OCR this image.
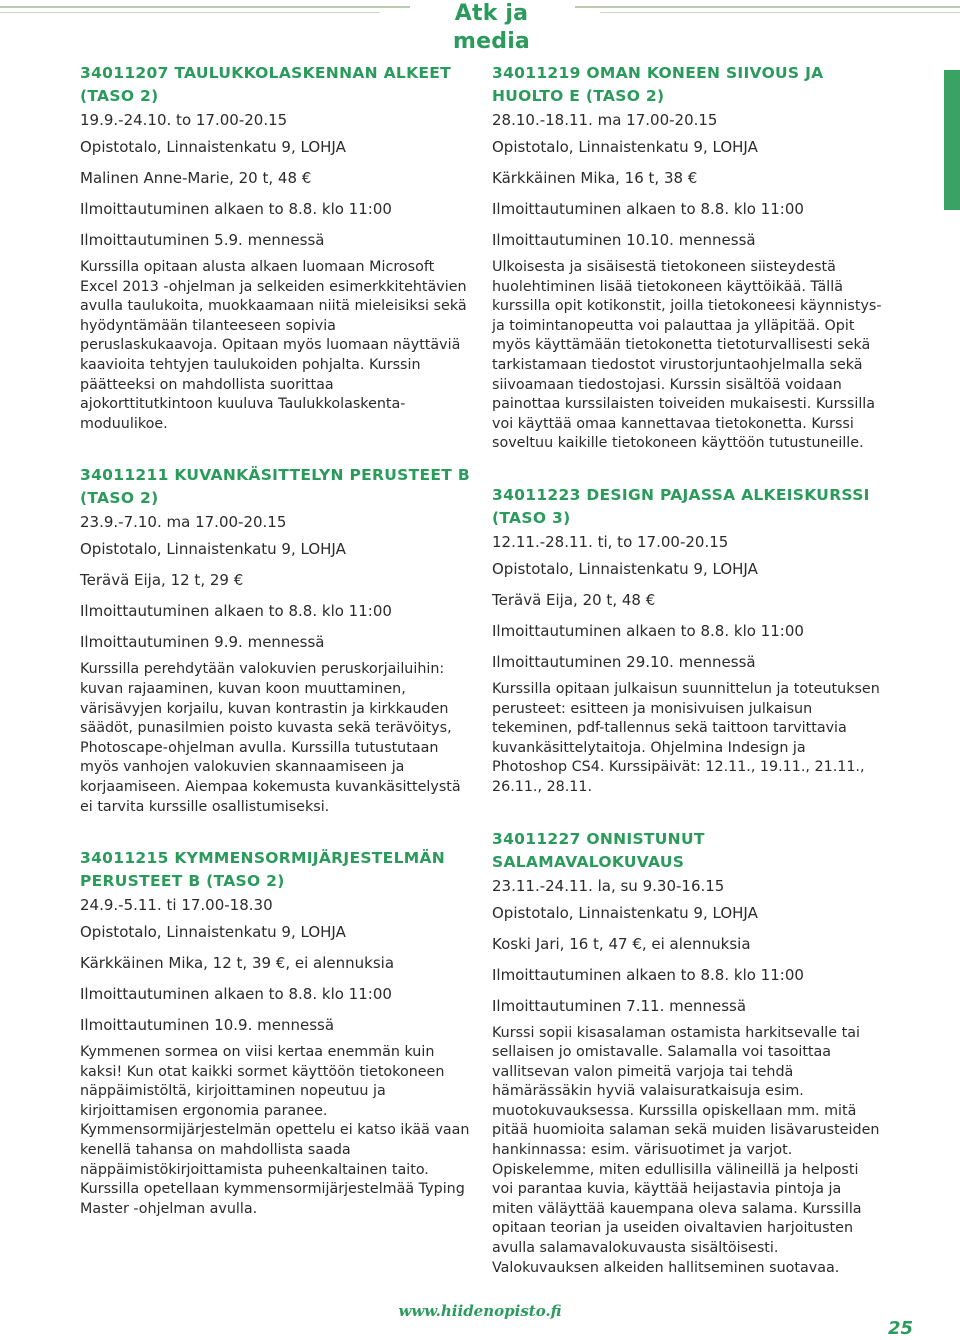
Atk ja media
34011207 TAULUKKOLASKENNAN ALKEET (TASO 2)
19.9.-24.10. to 17.00-20.15
Opistotalo, Linnaistenkatu 9, LOHJA
Malinen Anne-Marie, 20 t, 48 €
Ilmoittautuminen alkaen to 8.8. klo 11:00
Ilmoittautuminen 5.9. mennessä
Kurssilla opitaan alusta alkaen luomaan Microsoft Excel 2013 -ohjelman ja selkeiden esimerkkitehtävien avulla taulukoita, muokkaamaan niitä mieleisiksi sekä hyödyntämään tilanteeseen sopivia peruslaskukaavoja. Opitaan myös luomaan näyttäviä kaavioita tehtyjen taulukoiden pohjalta. Kurssin päätteeksi on mahdollista suorittaa ajokorttitutkintoon kuuluva Taulukkolaskenta-moduulikoe.
34011211 KUVANKÄSITTELYN PERUSTEET B (TASO 2)
23.9.-7.10. ma 17.00-20.15
Opistotalo, Linnaistenkatu 9, LOHJA
Terävä Eija, 12 t, 29 €
Ilmoittautuminen alkaen to 8.8. klo 11:00
Ilmoittautuminen 9.9. mennessä
Kurssilla perehdytään valokuvien peruskorjailuihin: kuvan rajaaminen, kuvan koon muuttaminen, värisävyjen korjailu, kuvan kontrastin ja kirkkauden säädöt, punasilmien poisto kuvasta sekä terävöitys, Photoscape-ohjelman avulla. Kurssilla tutustutaan myös vanhojen valokuvien skannaamiseen ja korjaamiseen. Aiempaa kokemusta kuvankäsittelystä ei tarvita kurssille osallistumiseksi.
34011215 KYMMENSORMIJÄRJESTELMÄN PERUSTEET B (TASO 2)
24.9.-5.11. ti 17.00-18.30
Opistotalo, Linnaistenkatu 9, LOHJA
Kärkkäinen Mika, 12 t, 39 €, ei alennuksia
Ilmoittautuminen alkaen to 8.8. klo 11:00
Ilmoittautuminen 10.9. mennessä
Kymmenen sormea on viisi kertaa enemmän kuin kaksi! Kun otat kaikki sormet käyttöön tietokoneen näppäimistöltä, kirjoittaminen nopeutuu ja kirjoittamisen ergonomia paranee. Kymmensormijärjestelmän opettelu ei katso ikää vaan kenellä tahansa on mahdollista saada näppäimistökirjoittamista puheenkaltainen taito. Kurssilla opetellaan kymmensormijärjestelmää Typing Master -ohjelman avulla.
34011219 OMAN KONEEN SIIVOUS JA HUOLTO E (TASO 2)
28.10.-18.11. ma 17.00-20.15
Opistotalo, Linnaistenkatu 9, LOHJA
Kärkkäinen Mika, 16 t, 38 €
Ilmoittautuminen alkaen to 8.8. klo 11:00
Ilmoittautuminen 10.10. mennessä
Ulkoisesta ja sisäisestä tietokoneen siisteydestä huolehtiminen lisää tietokoneen käyttöikää. Tällä kurssilla opit kotikonstit, joilla tietokoneesi käynnistys- ja toimintanopeutta voi palauttaa ja ylläpitää. Opit myös käyttämään tietokonetta tietoturvallisesti sekä tarkistamaan tiedostot virustorjuntaohjelmalla sekä siivoamaan tiedostojasi. Kurssin sisältöä voidaan painottaa kurssilaisten toiveiden mukaisesti. Kurssilla voi käyttää omaa kannettavaa tietokonetta. Kurssi soveltuu kaikille tietokoneen käyttöön tutustuneille.
34011223 DESIGN PAJASSA ALKEISKURSSI (TASO 3)
12.11.-28.11. ti, to 17.00-20.15
Opistotalo, Linnaistenkatu 9, LOHJA
Terävä Eija, 20 t, 48 €
Ilmoittautuminen alkaen to 8.8. klo 11:00
Ilmoittautuminen 29.10. mennessä
Kurssilla opitaan julkaisun suunnittelun ja toteutuksen perusteet: esitteen ja monisivuisen julkaisun tekeminen, pdf-tallennus sekä taittoon tarvittavia kuvankäsittelytaitoja. Ohjelmina Indesign ja Photoshop CS4. Kurssipäivät: 12.11., 19.11., 21.11., 26.11., 28.11.
34011227 ONNISTUNUT SALAMAVALOKUVAUS
23.11.-24.11. la, su 9.30-16.15
Opistotalo, Linnaistenkatu 9, LOHJA
Koski Jari, 16 t, 47 €, ei alennuksia
Ilmoittautuminen alkaen to 8.8. klo 11:00
Ilmoittautuminen 7.11. mennessä
Kurssi sopii kisasalaman ostamista harkitsevalle tai sellaisen jo omistavalle. Salamalla voi tasoittaa vallitsevan valon pimeitä varjoja tai tehdä hämärässäkin hyviä valaisuratkaisuja esim. muotokuvauksessa. Kurssilla opiskellaan mm. mitä pitää huomioita salaman sekä muiden lisävarusteiden hankinnassa: esim. värisuotimet ja varjot. Opiskelemme, miten edullisilla välineillä ja helposti voi parantaa kuvia, käyttää heijastavia pintoja ja miten väläyttää kauempana oleva salama. Kurssilla opitaan teorian ja useiden oivaltavien harjoitusten avulla salamavalokuvausta sisältöisesti. Valokuvauksen alkeiden hallitseminen suotavaa.
www.hiidenopisto.fi
25
